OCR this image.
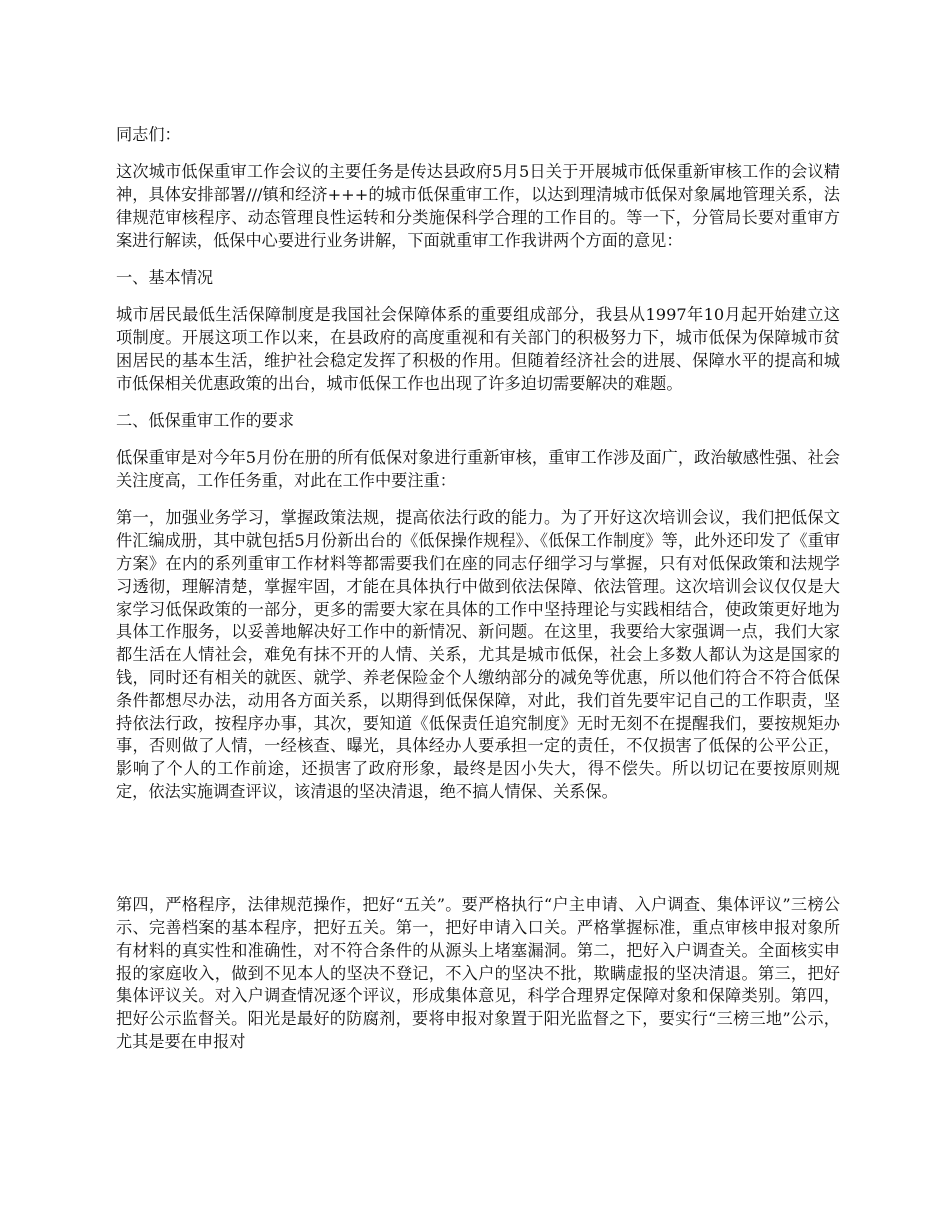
同志们：

这次城市低保重审工作会议的主要任务是传达县政府5月5日关于开展城市低保重新审核工作的会议精神，具体安排部署///镇和经济+++的城市低保重审工作，以达到理清城市低保对象属地管理关系，法律规范审核程序、动态管理良性运转和分类施保科学合理的工作目的。等一下，分管局长要对重审方案进行解读，低保中心要进行业务讲解，下面就重审工作我讲两个方面的意见：

一、基本情况

城市居民最低生活保障制度是我国社会保障体系的重要组成部分，我县从1997年10月起开始建立这项制度。开展这项工作以来，在县政府的高度重视和有关部门的积极努力下，城市低保为保障城市贫困居民的基本生活，维护社会稳定发挥了积极的作用。但随着经济社会的进展、保障水平的提高和城市低保相关优惠政策的出台，城市低保工作也出现了许多迫切需要解决的难题。

二、低保重审工作的要求

低保重审是对今年5月份在册的所有低保对象进行重新审核，重审工作涉及面广，政治敏感性强、社会关注度高，工作任务重，对此在工作中要注重：

第一，加强业务学习，掌握政策法规，提高依法行政的能力。为了开好这次培训会议，我们把低保文件汇编成册，其中就包括5月份新出台的《低保操作规程》、《低保工作制度》等，此外还印发了《重审方案》在内的系列重审工作材料等都需要我们在座的同志仔细学习与掌握，只有对低保政策和法规学习透彻，理解清楚，掌握牢固，才能在具体执行中做到依法保障、依法管理。这次培训会议仅仅是大家学习低保政策的一部分，更多的需要大家在具体的工作中坚持理论与实践相结合，使政策更好地为具体工作服务，以妥善地解决好工作中的新情况、新问题。在这里，我要给大家强调一点，我们大家都生活在人情社会，难免有抹不开的人情、关系，尤其是城市低保，社会上多数人都认为这是国家的钱，同时还有相关的就医、就学、养老保险金个人缴纳部分的减免等优惠，所以他们符合不符合低保条件都想尽办法，动用各方面关系，以期得到低保保障，对此，我们首先要牢记自己的工作职责，坚持依法行政，按程序办事，其次，要知道《低保责任追究制度》无时无刻不在提醒我们，要按规矩办事，否则做了人情，一经核查、曝光，具体经办人要承担一定的责任，不仅损害了低保的公平公正，影响了个人的工作前途，还损害了政府形象，最终是因小失大，得不偿失。所以切记在要按原则规定，依法实施调查评议，该清退的坚决清退，绝不搞人情保、关系保。

第四，严格程序，法律规范操作，把好“五关”。要严格执行“户主申请、入户调查、集体评议”三榜公示、完善档案的基本程序，把好五关。第一，把好申请入口关。严格掌握标准，重点审核申报对象所有材料的真实性和准确性，对不符合条件的从源头上堵塞漏洞。第二，把好入户调查关。全面核实申报的家庭收入，做到不见本人的坚决不登记，不入户的坚决不批，欺瞒虚报的坚决清退。第三，把好集体评议关。对入户调查情况逐个评议，形成集体意见，科学合理界定保障对象和保障类别。第四，把好公示监督关。阳光是最好的防腐剂，要将申报对象置于阳光监督之下，要实行“三榜三地”公示，尤其是要在申报对
